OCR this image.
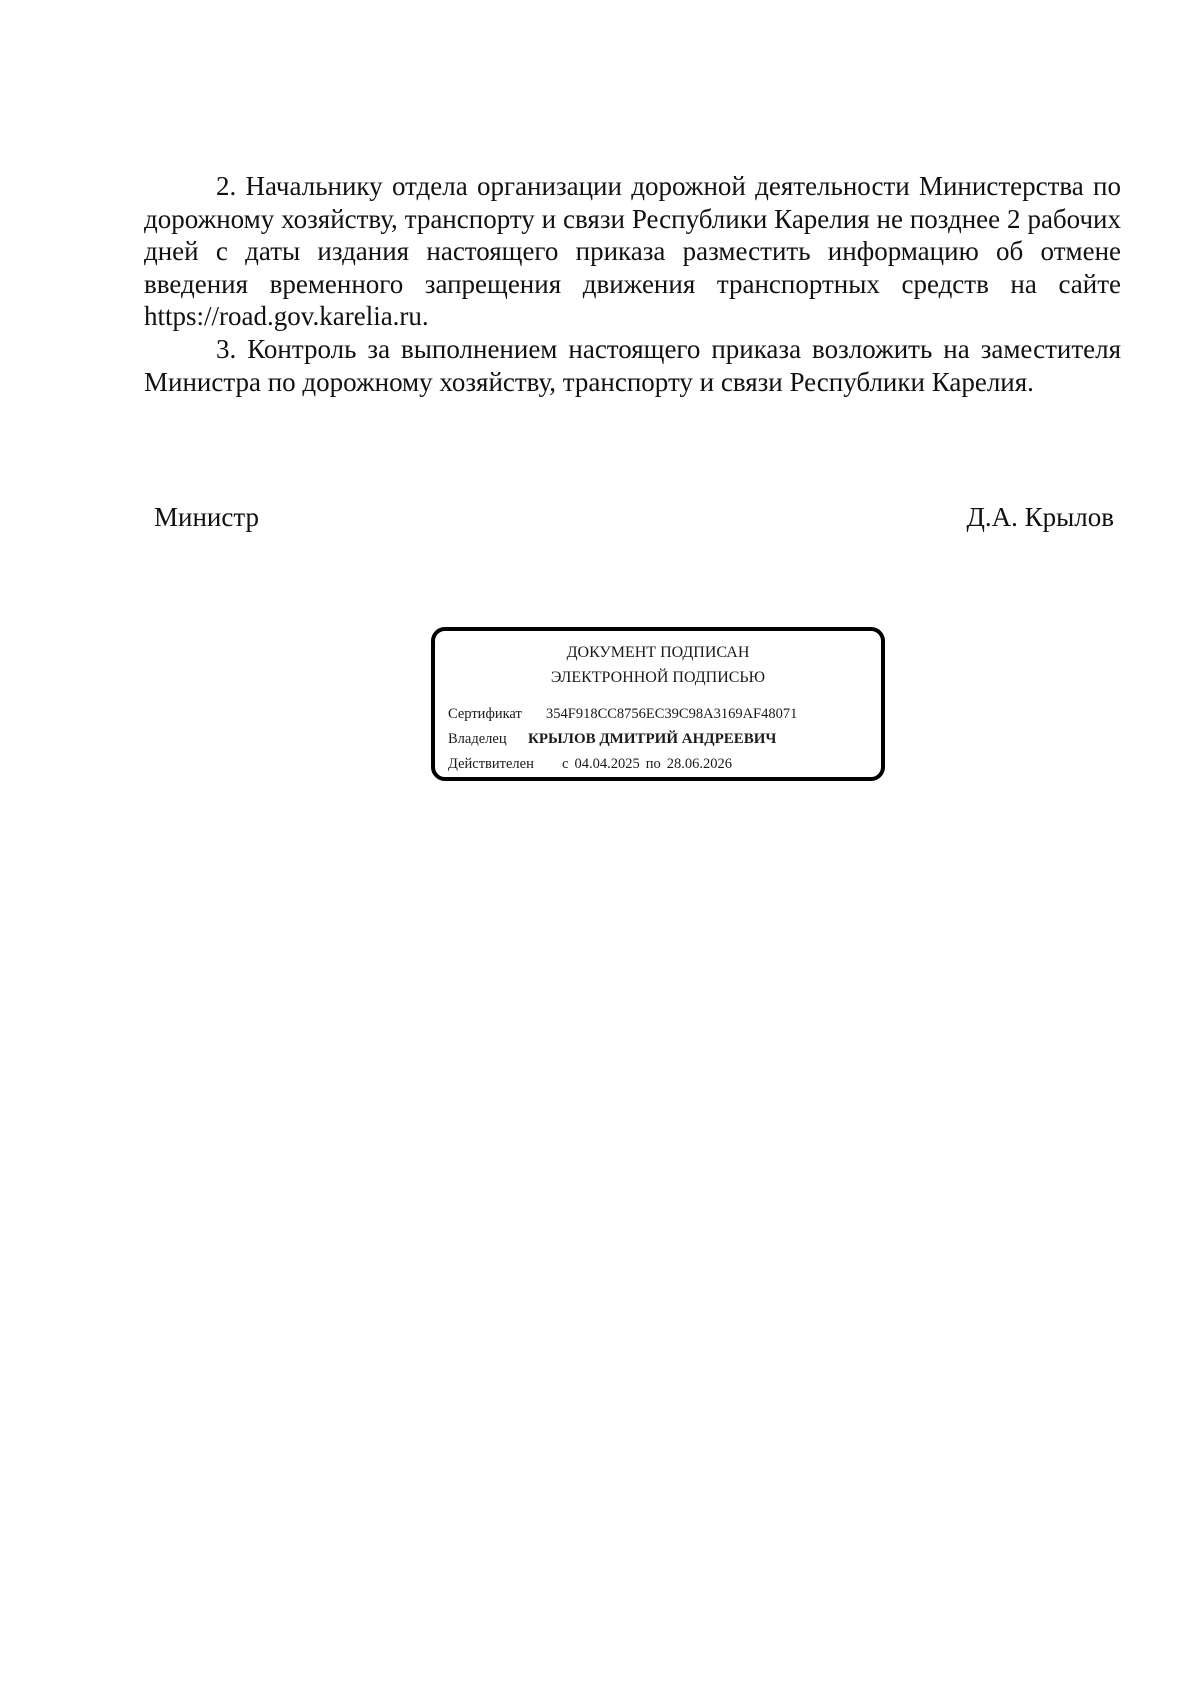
2. Начальнику отдела организации дорожной деятельности Министерства по дорожному хозяйству, транспорту и связи Республики Карелия не позднее 2 рабочих дней с даты издания настоящего приказа разместить информацию об отмене введения временного запрещения движения транспортных средств на сайте https://road.gov.karelia.ru.

3. Контроль за выполнением настоящего приказа возложить на заместителя Министра по дорожному хозяйству, транспорту и связи Республики Карелия.

Министр	Д.А. Крылов
ДОКУМЕНТ ПОДПИСАН
ЭЛЕКТРОННОЙ ПОДПИСЬЮ
Сертификат 354F918CC8756EC39C98A3169AF48071
Владелец КРЫЛОВ ДМИТРИЙ АНДРЕЕВИЧ
Действителен с 04.04.2025 по 28.06.2026
